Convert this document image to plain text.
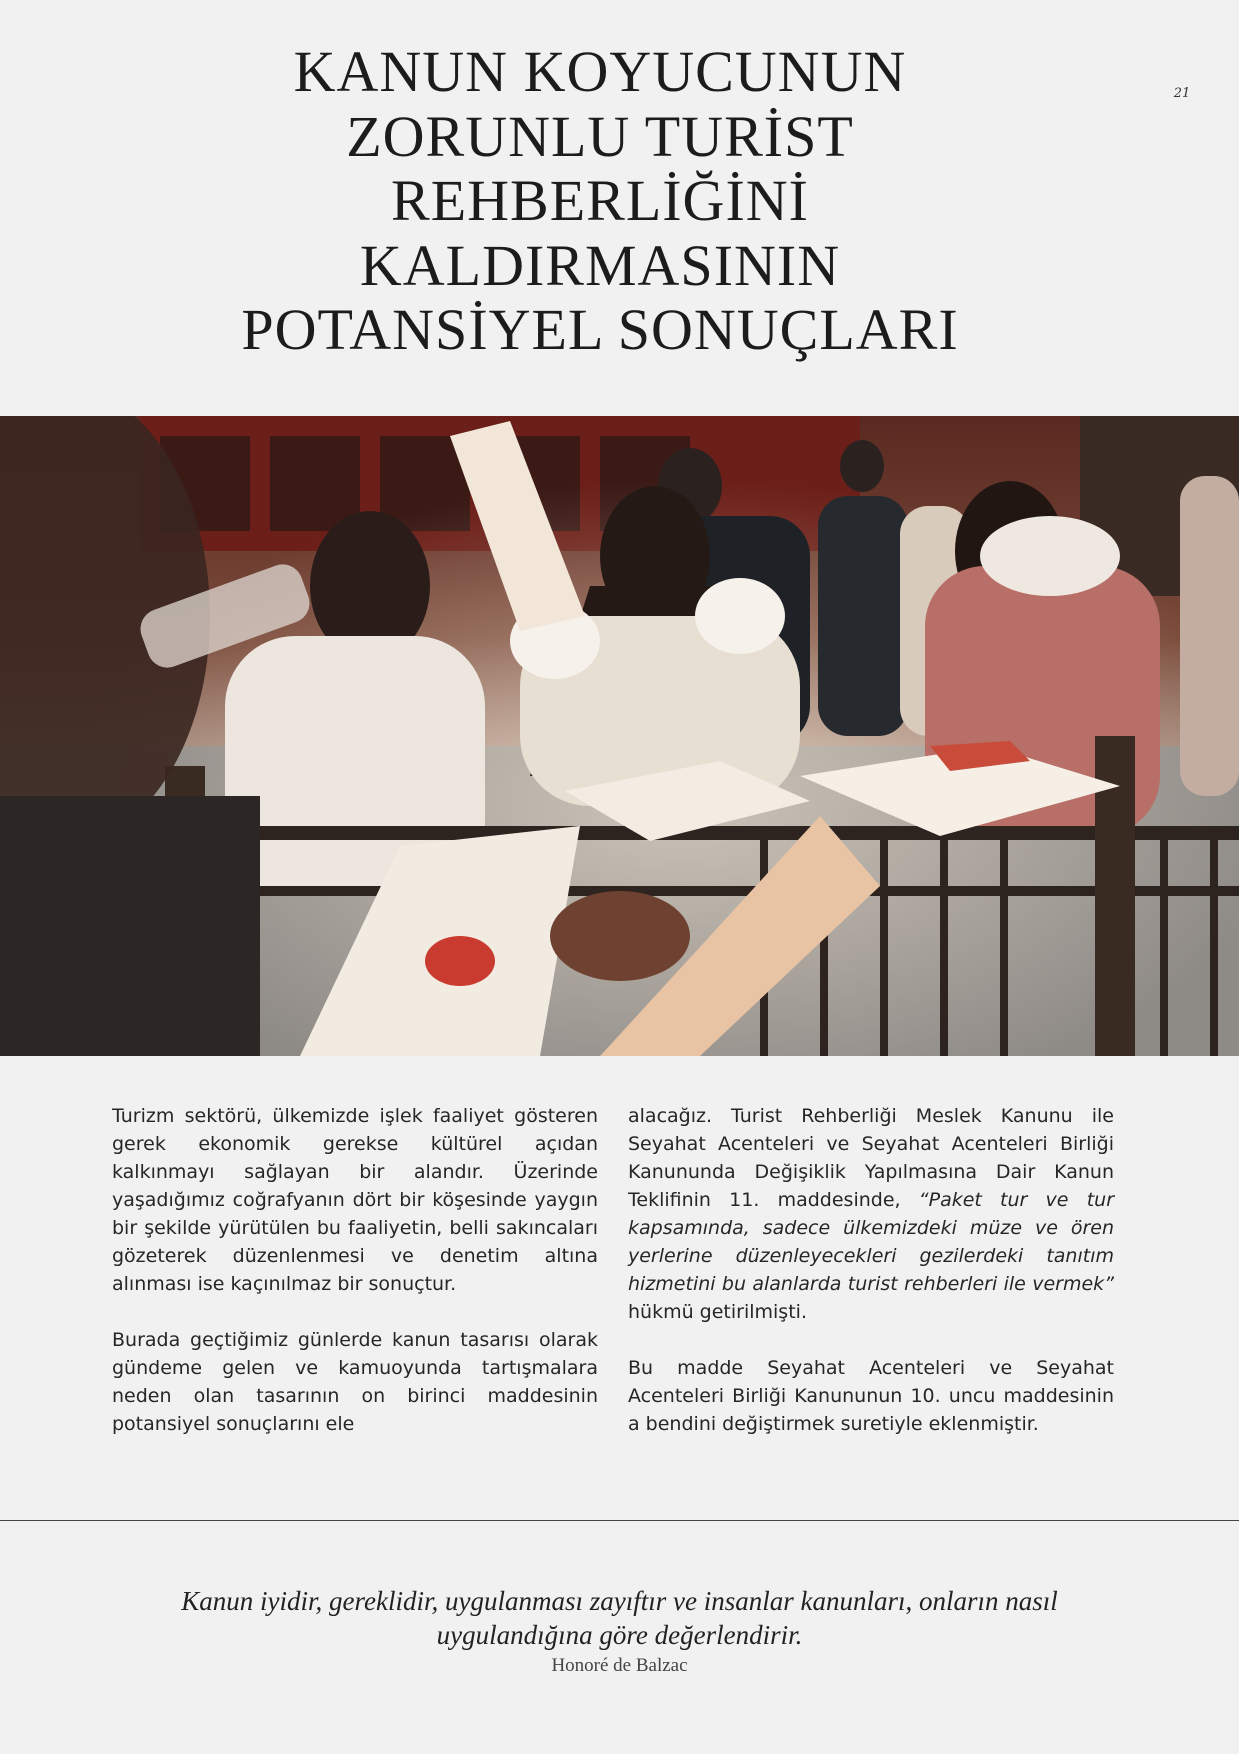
21
KANUN KOYUCUNUN
ZORUNLU TURİST
REHBERLİĞİNİ
KALDIRMASININ
POTANSİYEL SONUÇLARI

Turizm sektörü, ülkemizde işlek faaliyet gösteren gerek ekonomik gerekse kültürel açıdan kalkınmayı sağlayan bir alandır. Üzerinde yaşadığımız coğrafyanın dört bir köşesinde yaygın bir şekilde yürütülen bu faaliyetin, belli sakıncaları gözeterek düzenlenmesi ve denetim altına alınması ise kaçınılmaz bir sonuçtur.

Burada geçtiğimiz günlerde kanun tasarısı olarak gündeme gelen ve kamuoyunda tartışmalara neden olan tasarının on birinci maddesinin potansiyel sonuçlarını ele

alacağız. Turist Rehberliği Meslek Kanunu ile Seyahat Acenteleri ve Seyahat Acenteleri Birliği Kanununda Değişiklik Yapılmasına Dair Kanun Teklifinin 11. maddesinde, “Paket tur ve tur kapsamında, sadece ülkemizdeki müze ve ören yerlerine düzenleyecekleri gezilerdeki tanıtım hizmetini bu alanlarda turist rehberleri ile vermek” hükmü getirilmişti.

Bu madde Seyahat Acenteleri ve Seyahat Acenteleri Birliği Kanununun 10. uncu maddesinin a bendini değiştirmek suretiyle eklenmiştir.

Kanun iyidir, gereklidir, uygulanması zayıftır ve insanlar kanunları, onların nasıl uygulandığına göre değerlendirir.

Honoré de Balzac
